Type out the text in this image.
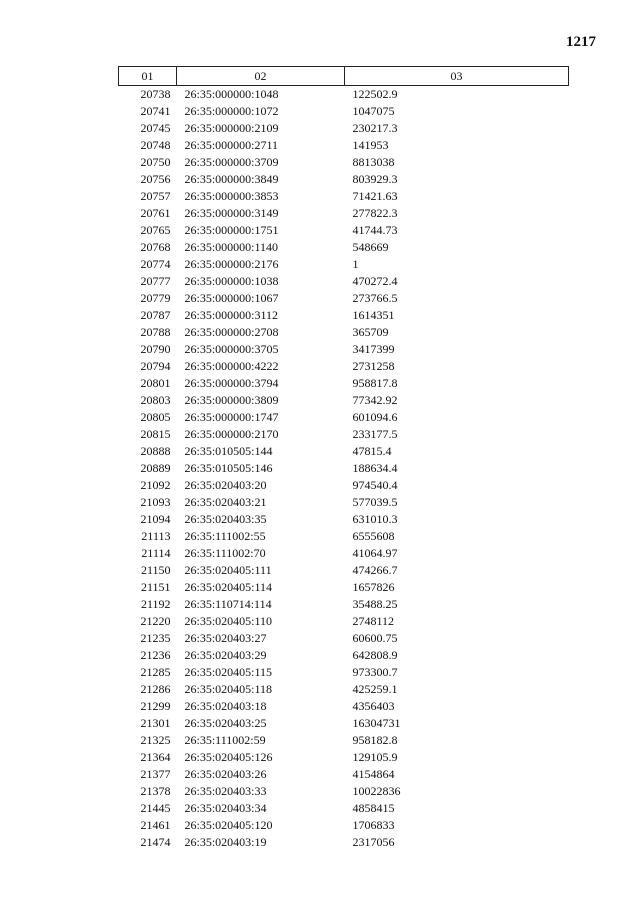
1217
01	02	03
20738	26:35:000000:1048	122502.9
20741	26:35:000000:1072	1047075
20745	26:35:000000:2109	230217.3
20748	26:35:000000:2711	141953
20750	26:35:000000:3709	8813038
20756	26:35:000000:3849	803929.3
20757	26:35:000000:3853	71421.63
20761	26:35:000000:3149	277822.3
20765	26:35:000000:1751	41744.73
20768	26:35:000000:1140	548669
20774	26:35:000000:2176	1
20777	26:35:000000:1038	470272.4
20779	26:35:000000:1067	273766.5
20787	26:35:000000:3112	1614351
20788	26:35:000000:2708	365709
20790	26:35:000000:3705	3417399
20794	26:35:000000:4222	2731258
20801	26:35:000000:3794	958817.8
20803	26:35:000000:3809	77342.92
20805	26:35:000000:1747	601094.6
20815	26:35:000000:2170	233177.5
20888	26:35:010505:144	47815.4
20889	26:35:010505:146	188634.4
21092	26:35:020403:20	974540.4
21093	26:35:020403:21	577039.5
21094	26:35:020403:35	631010.3
21113	26:35:111002:55	6555608
21114	26:35:111002:70	41064.97
21150	26:35:020405:111	474266.7
21151	26:35:020405:114	1657826
21192	26:35:110714:114	35488.25
21220	26:35:020405:110	2748112
21235	26:35:020403:27	60600.75
21236	26:35:020403:29	642808.9
21285	26:35:020405:115	973300.7
21286	26:35:020405:118	425259.1
21299	26:35:020403:18	4356403
21301	26:35:020403:25	16304731
21325	26:35:111002:59	958182.8
21364	26:35:020405:126	129105.9
21377	26:35:020403:26	4154864
21378	26:35:020403:33	10022836
21445	26:35:020403:34	4858415
21461	26:35:020405:120	1706833
21474	26:35:020403:19	2317056
